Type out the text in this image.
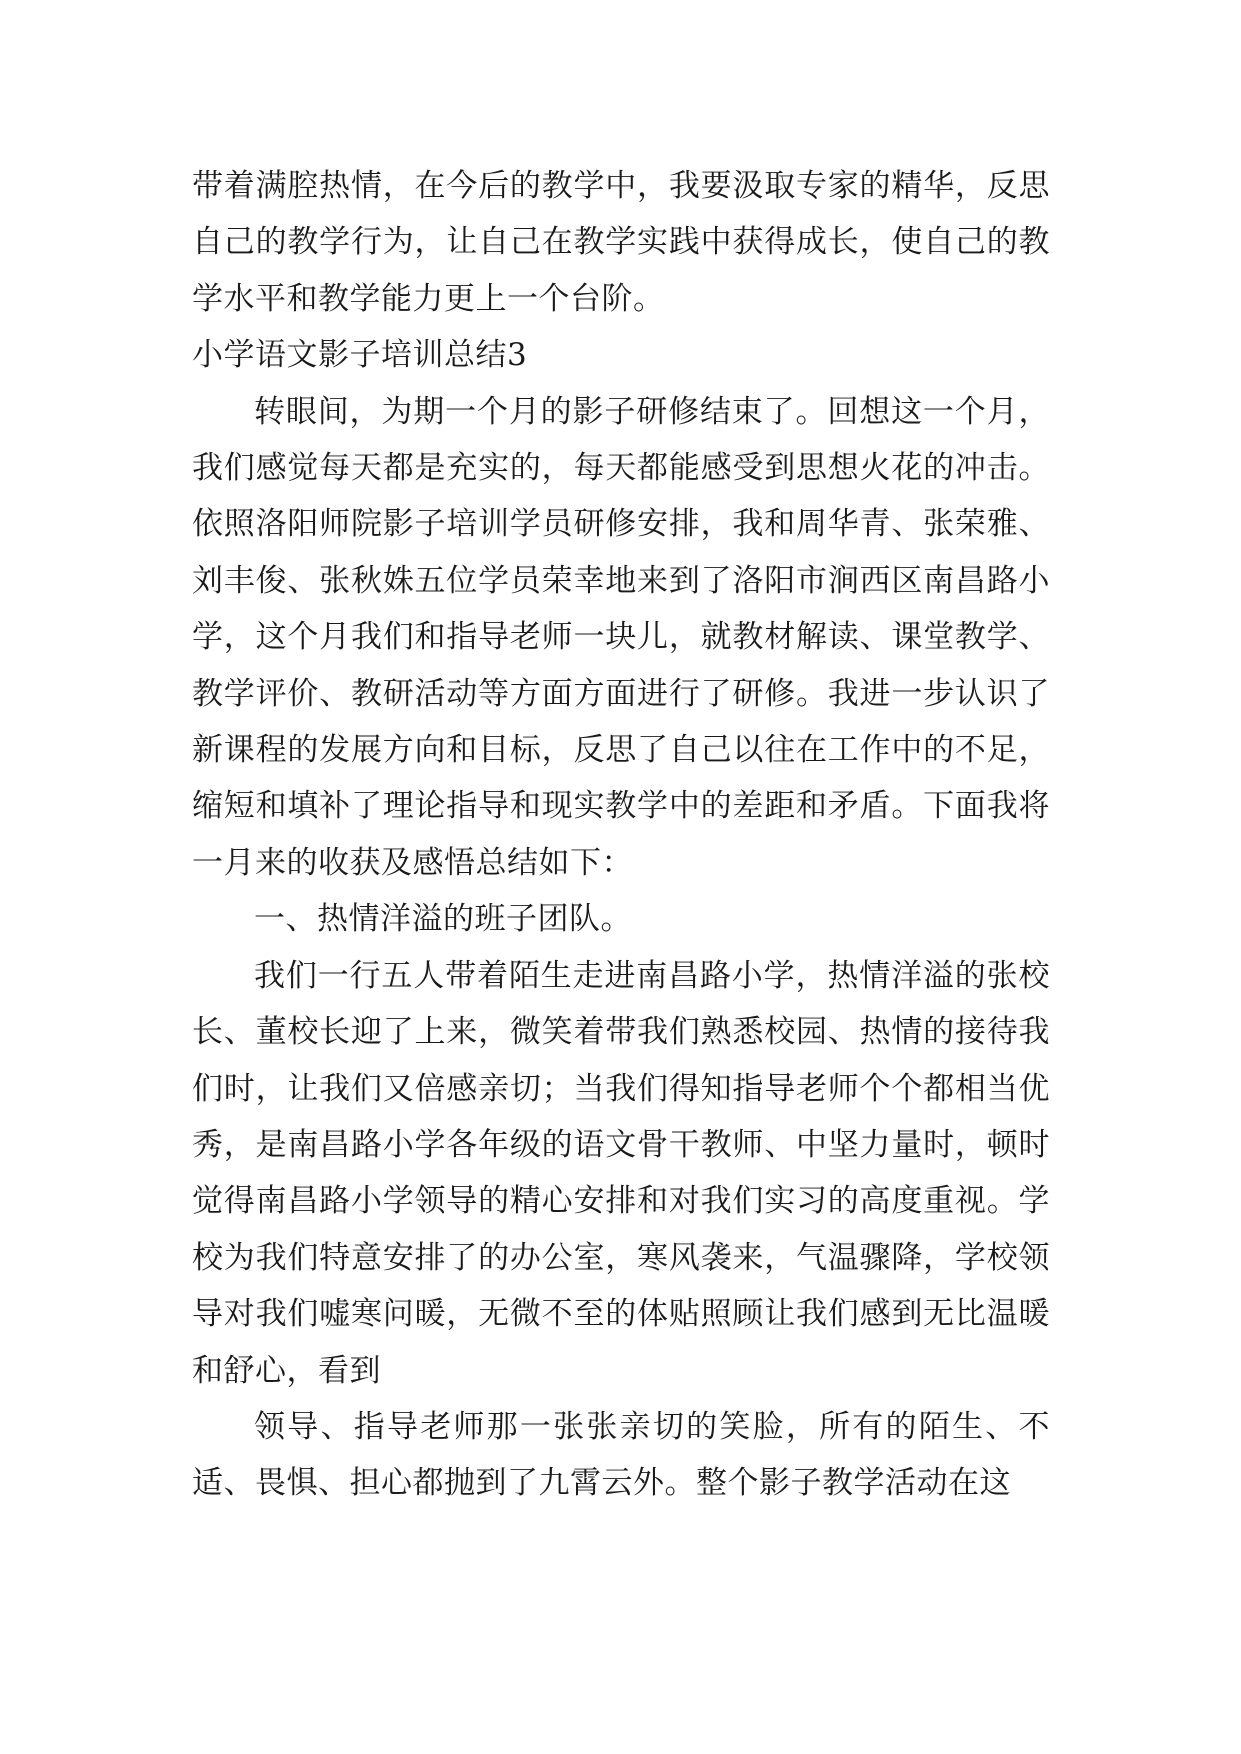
带着满腔热情，在今后的教学中，我要汲取专家的精华，反思自己的教学行为，让自己在教学实践中获得成长，使自己的教学水平和教学能力更上一个台阶。

小学语文影子培训总结3

转眼间，为期一个月的影子研修结束了。回想这一个月，我们感觉每天都是充实的，每天都能感受到思想火花的冲击。依照洛阳师院影子培训学员研修安排，我和周华青、张荣雅、刘丰俊、张秋姝五位学员荣幸地来到了洛阳市涧西区南昌路小学，这个月我们和指导老师一块儿，就教材解读、课堂教学、教学评价、教研活动等方面方面进行了研修。我进一步认识了新课程的发展方向和目标，反思了自己以往在工作中的不足，缩短和填补了理论指导和现实教学中的差距和矛盾。下面我将一月来的收获及感悟总结如下：

一、热情洋溢的班子团队。

我们一行五人带着陌生走进南昌路小学，热情洋溢的张校长、董校长迎了上来，微笑着带我们熟悉校园、热情的接待我们时，让我们又倍感亲切；当我们得知指导老师个个都相当优秀，是南昌路小学各年级的语文骨干教师、中坚力量时，顿时觉得南昌路小学领导的精心安排和对我们实习的高度重视。学校为我们特意安排了的办公室，寒风袭来，气温骤降，学校领导对我们嘘寒问暖，无微不至的体贴照顾让我们感到无比温暖和舒心，看到

领导、指导老师那一张张亲切的笑脸，所有的陌生、不适、畏惧、担心都抛到了九霄云外。整个影子教学活动在这
